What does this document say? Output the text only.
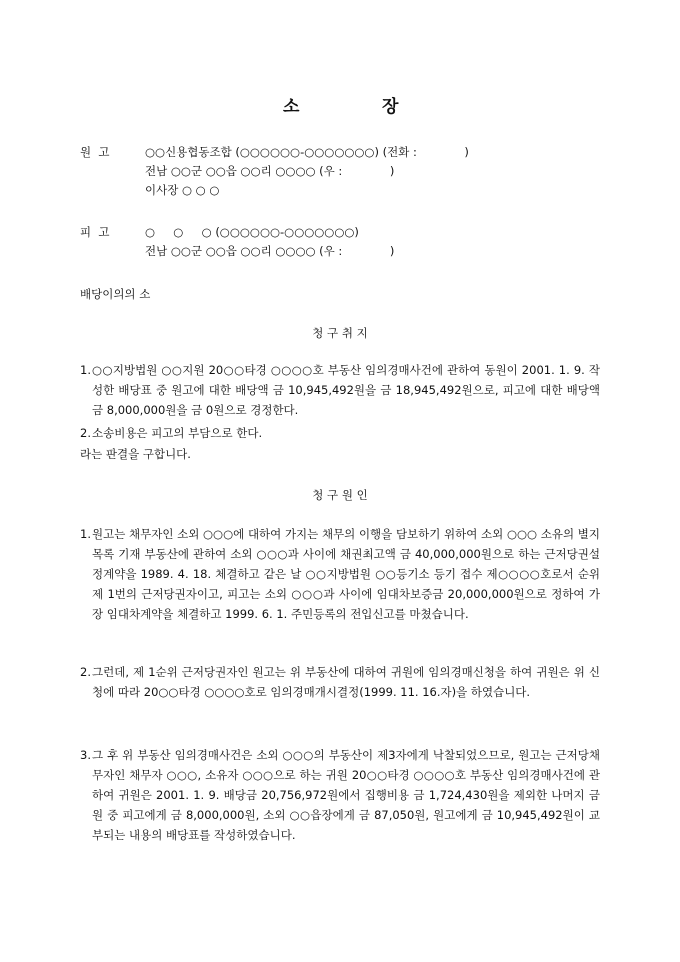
소	장
원  고	○○신용협동조합 (○○○○○○-○○○○○○○) (전화 :             )
전남 ○○군 ○○읍 ○○리 ○○○○ (우 :             )
이사장 ○ ○ ○
피  고	○     ○     ○ (○○○○○○-○○○○○○○)
전남 ○○군 ○○읍 ○○리 ○○○○ (우 :             )
배당이의의 소
청 구 취 지
1. ○○지방법원 ○○지원 20○○타경 ○○○○호 부동산 임의경매사건에 관하여 동원이 2001. 1. 9. 작성한 배당표 중 원고에 대한 배당액 금 10,945,492원을 금 18,945,492원으로, 피고에 대한 배당액 금 8,000,000원을 금 0원으로 경정한다.
2. 소송비용은 피고의 부담으로 한다.
라는 판결을 구합니다.
청 구 원 인
1. 원고는 채무자인 소외 ○○○에 대하여 가지는 채무의 이행을 담보하기 위하여 소외 ○○○ 소유의 별지목록 기재 부동산에 관하여 소외 ○○○과 사이에 채권최고액 금 40,000,000원으로 하는 근저당권설정계약을 1989. 4. 18. 체결하고 같은 날 ○○지방법원 ○○등기소 등기 접수 제○○○○호로서 순위 제 1번의 근저당권자이고, 피고는 소외 ○○○과 사이에 임대차보증금 20,000,000원으로 정하여 가장 임대차계약을 체결하고 1999. 6. 1. 주민등록의 전입신고를 마쳤습니다.
2. 그런데, 제 1순위 근저당권자인 원고는 위 부동산에 대하여 귀원에 임의경매신청을 하여 귀원은 위 신청에 따라 20○○타경 ○○○○호로 임의경매개시결정(1999. 11. 16.자)을 하였습니다.
3. 그 후 위 부동산 임의경매사건은 소외 ○○○의 부동산이 제3자에게 낙찰되었으므로, 원고는 근저당채무자인 채무자 ○○○, 소유자 ○○○으로 하는 귀원 20○○타경 ○○○○호 부동산 임의경매사건에 관하여 귀원은 2001. 1. 9. 배당금 20,756,972원에서 집행비용 금 1,724,430원을 제외한 나머지 금원 중 피고에게 금 8,000,000원, 소외 ○○읍장에게 금 87,050원, 원고에게 금 10,945,492원이 교부되는 내용의 배당표를 작성하였습니다.
